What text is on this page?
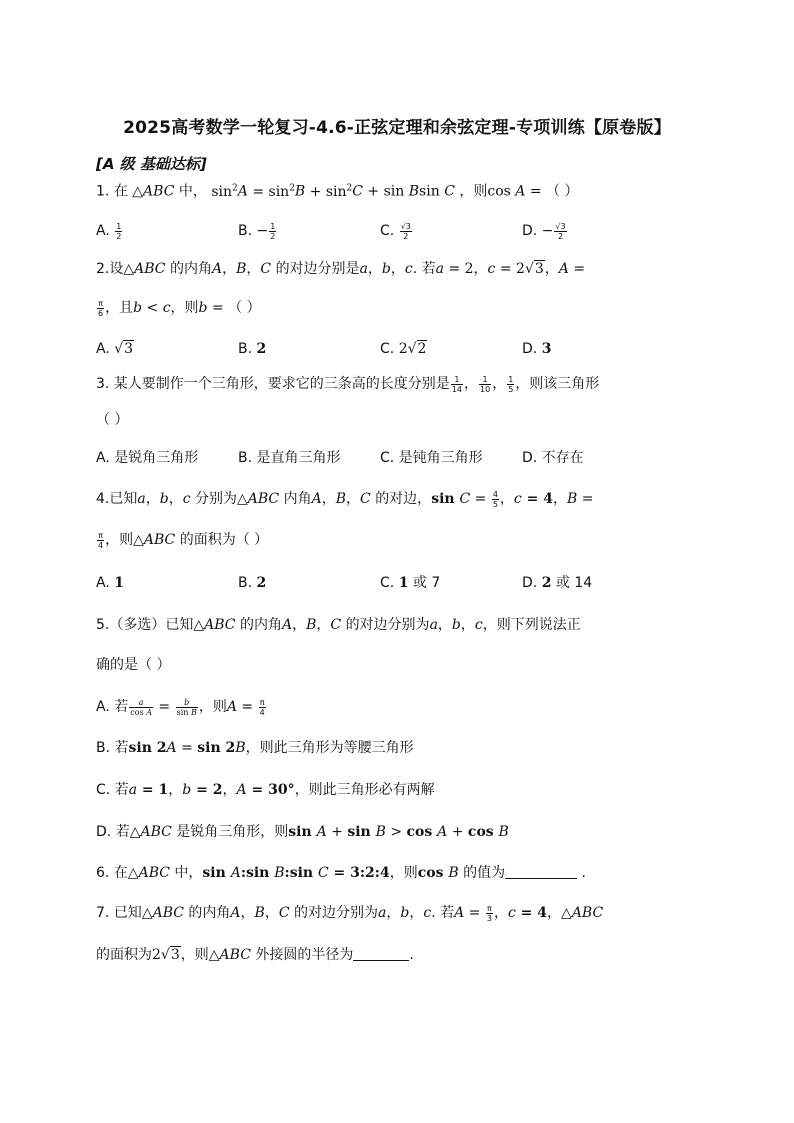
2025高考数学一轮复习-4.6-正弦定理和余弦定理-专项训练【原卷版】
[A 级 基础达标]
1. 在 △ABC 中， $\sin^2A = \sin^2B + \sin^2C + \sin Bsin$ C ，则cos A = （ ）
A. $\frac{1}{2}$	B. − $\frac{1}{2}$	C. $\frac{√3}{2}$	D. − $\frac{√3}{2}$
2.设△ABC 的内角A，B，C 的对边分别是a，b，c. 若a = 2，c = 2√3，A =
$\frac{\pi}{6}$ ，且b < c，则b = （ ）
A. √3	B. 2	C. 2√2	D. 3
3. 某人要制作一个三角形，要求它的三条高的长度分别是 $\frac{1}{14}$ ， $\frac{1}{10}$ ， $\frac{1}{5}$ ，则该三角形
（ ）
A. 是锐角三角形	B. 是直角三角形	C. 是钝角三角形	D. 不存在
4.已知a，b，c 分别为△ABC 内角A，B，C 的对边，$\sin C = \frac{4}{5}$ ，c = 4，B =
$\frac{\pi}{4}$ ，则△ABC 的面积为（ ）
A. 1	B. 2	C. 1 或 7	D. 2 或 14
5.（多选）已知△ABC 的内角A，B，C 的对边分别为a，b，c，则下列说法正
确的是（ ）
A. 若 $\frac{a}{\text{cos A}} = \frac{b}{\text{sin B}}$ ，则$A = \frac{\pi}{4}$
B. 若sin 2A = sin 2B，则此三角形为等腰三角形
C. 若a = 1，b = 2，A = 30°，则此三角形必有两解
D. 若△ABC 是锐角三角形，则sin A + sin B > cos A + cos B
6. 在△ABC 中，sin A:sin B:sin C = 3:2:4，则cos B 的值为	.
7. 已知△ABC 的内角A，B，C 的对边分别为a，b，c. 若$A = \frac{\pi}{3}$ ，c = 4，△ABC
的面积为2√3，则△ABC 外接圆的半径为	.
